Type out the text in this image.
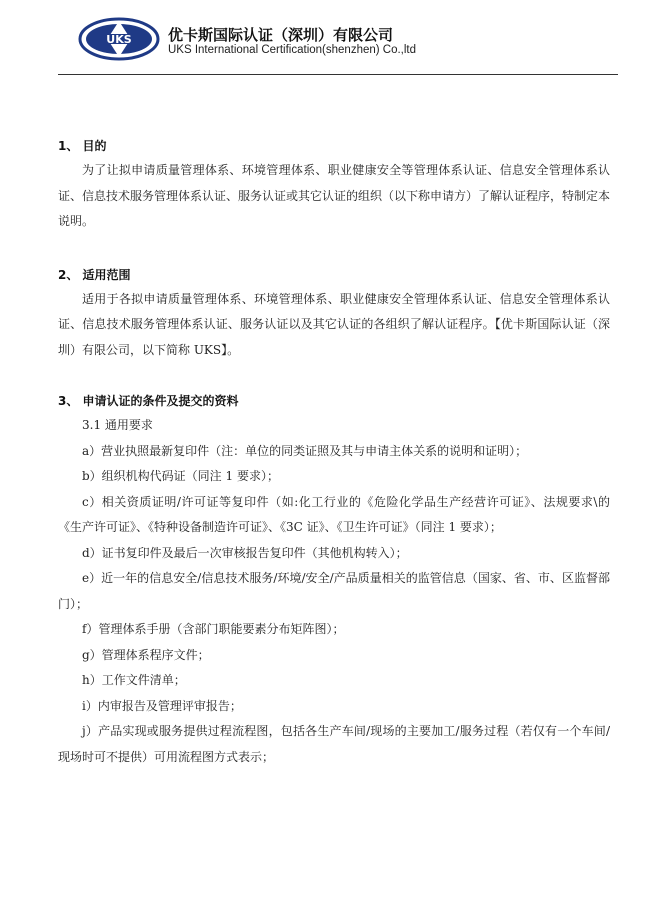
UKS 优卡斯国际认证（深圳）有限公司
UKS International Certification(shenzhen) Co.,ltd

1、 目的

为了让拟申请质量管理体系、环境管理体系、职业健康安全等管理体系认证、信息安全管理体系认证、信息技术服务管理体系认证、服务认证或其它认证的组织（以下称申请方）了解认证程序，特制定本说明。

2、 适用范围

适用于各拟申请质量管理体系、环境管理体系、职业健康安全管理体系认证、信息安全管理体系认证、信息技术服务管理体系认证、服务认证以及其它认证的各组织了解认证程序。【优卡斯国际认证（深圳）有限公司，以下简称 UKS】。

3、 申请认证的条件及提交的资料

3.1 通用要求

a）营业执照最新复印件（注：单位的同类证照及其与申请主体关系的说明和证明）；

b）组织机构代码证（同注 1 要求）；

c）相关资质证明/许可证等复印件（如:化工行业的《危险化学品生产经营许可证》、法规要求\的《生产许可证》、《特种设备制造许可证》、《3C 证》、《卫生许可证》（同注 1 要求）；

d）证书复印件及最后一次审核报告复印件（其他机构转入）；

e）近一年的信息安全/信息技术服务/环境/安全/产品质量相关的监管信息（国家、省、市、区监督部门）；

f）管理体系手册（含部门职能要素分布矩阵图）；

g）管理体系程序文件；

h）工作文件清单；

i）内审报告及管理评审报告；

j）产品实现或服务提供过程流程图，包括各生产车间/现场的主要加工/服务过程（若仅有一个车间/现场时可不提供）可用流程图方式表示；
